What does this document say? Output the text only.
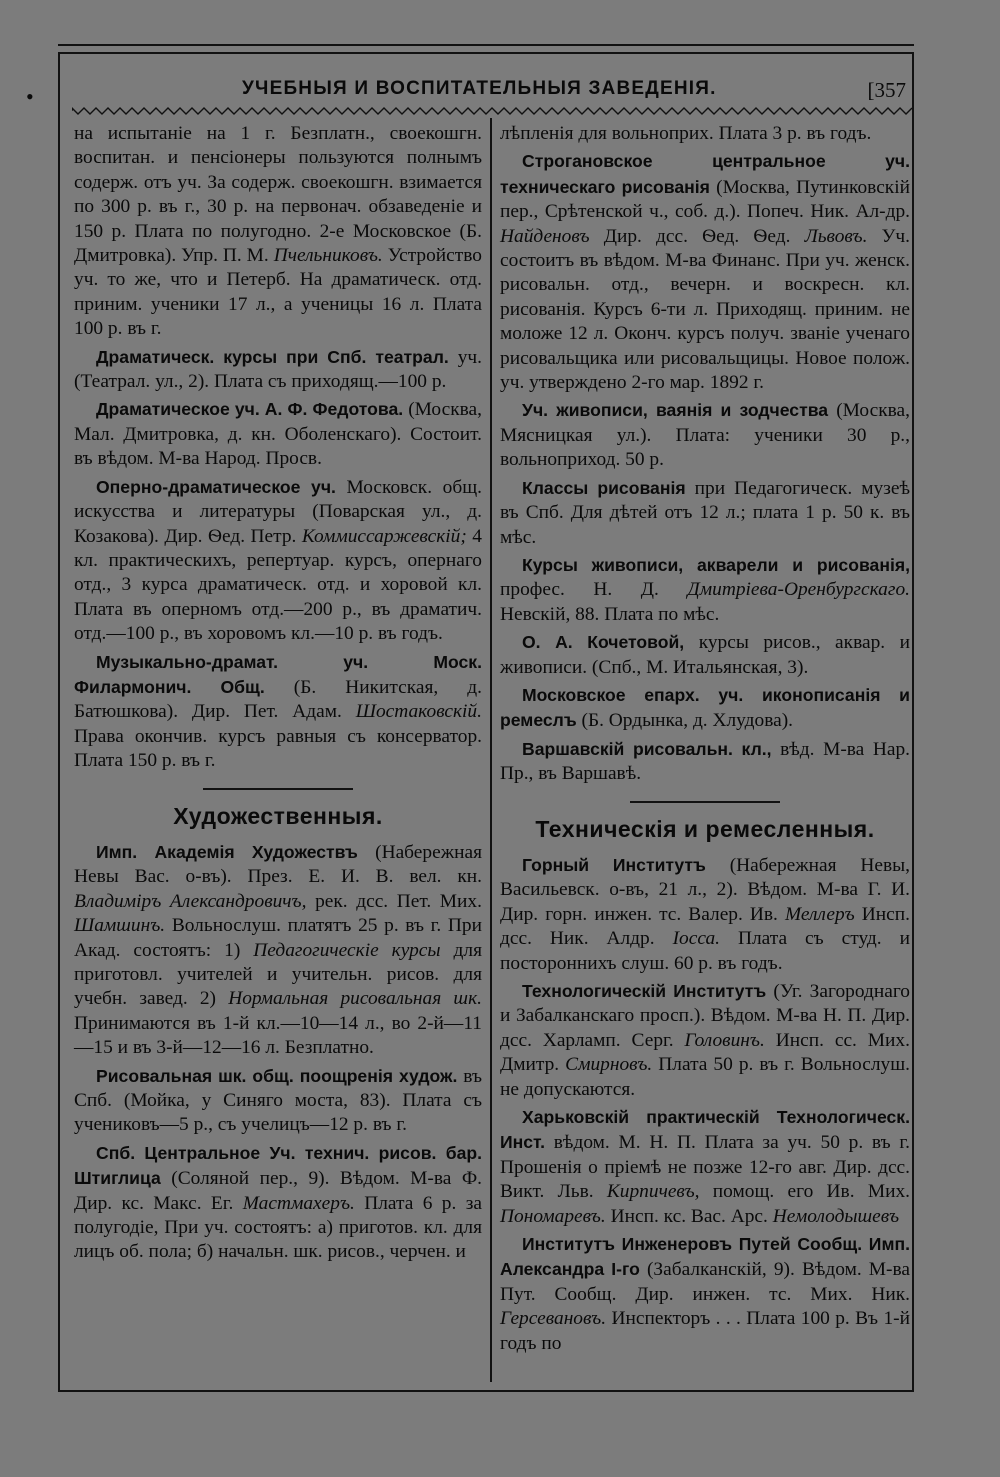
•	УЧЕБНЫЯ И ВОСПИТАТЕЛЬНЫЯ ЗАВЕДЕНІЯ.	[357

на испытаніе на 1 г. Безплатн., своекошгн. воспитан. и пенсіонеры пользуются полнымъ содерж. отъ уч. За содерж. своекошгн. взимается по 300 р. въ г., 30 р. на первонач. обзаведеніе и 150 р. Плата по полугодно. 2-е Московское (Б. Дмитровка). Упр. П. М. Пчельниковъ. Устройство уч. то же, что и Петерб. На драматическ. отд. приним. ученики 17 л., а ученицы 16 л. Плата 100 р. въ г.

Драматическ. курсы при Спб. театрал. уч. (Театрал. ул., 2). Плата съ приходящ.—100 р.

Драматическое уч. А. Ф. Федотова. (Москва, Мал. Дмитровка, д. кн. Оболенскаго). Состоит. въ вѣдом. М-ва Народ. Просв.

Оперно-драматическое уч. Московск. общ. искусства и литературы (Поварская ул., д. Козакова). Дир. Ѳед. Петр. Коммиссаржевскій; 4 кл. практическихъ, репертуар. курсъ, опернаго отд., 3 курса драматическ. отд. и хоровой кл. Плата въ оперномъ отд.—200 р., въ драматич. отд.—100 р., въ хоровомъ кл.—10 р. въ годъ.

Музыкально-драмат. уч. Моск. Филармонич. Общ. (Б. Никитская, д. Батюшкова). Дир. Пет. Адам. Шостаковскій. Права окончив. курсъ равныя съ консерватор. Плата 150 р. въ г.

Художественныя.

Имп. Академія Художествъ (Набережная Невы Вас. о-въ). През. Е. И. В. вел. кн. Владиміръ Александровичъ, рек. дсс. Пет. Мих. Шамшинъ. Вольнослуш. платятъ 25 р. въ г. При Акад. состоятъ: 1) Педагогическіе курсы для приготовл. учителей и учительн. рисов. для учебн. завед. 2) Нормальная рисовальная шк. Принимаются въ 1-й кл.—10—14 л., во 2-й—11—15 и въ 3-й—12—16 л. Безплатно.

Рисовальная шк. общ. поощренія худож. въ Спб. (Мойка, у Синяго моста, 83). Плата съ учениковъ—5 р., съ учелицъ—12 р. въ г.

Спб. Центральное Уч. технич. рисов. бар. Штиглица (Соляной пер., 9). Вѣдом. М-ва Ф. Дир. кс. Макс. Ег. Мастмахеръ. Плата 6 р. за полугодіе, При уч. состоятъ: а) приготов. кл. для лицъ об. пола; б) начальн. шк. рисов., черчен. и

лѣпленія для вольноприх. Плата 3 р. въ годъ.

Строгановское центральное уч. техническаго рисованія (Москва, Путинковскій пер., Срѣтенской ч., соб. д.). Попеч. Ник. Ал-др. Найденовъ Дир. дсс. Ѳед. Ѳед. Львовъ. Уч. состоитъ въ вѣдом. М-ва Финанс. При уч. женск. рисовальн. отд., вечерн. и воскресн. кл. рисованія. Курсъ 6-ти л. Приходящ. приним. не моложе 12 л. Оконч. курсъ получ. званіе ученаго рисовальщика или рисовальщицы. Новое полож. уч. утверждено 2-го мар. 1892 г.

Уч. живописи, ваянія и зодчества (Москва, Мясницкая ул.). Плата: ученики 30 р., вольноприход. 50 р.

Классы рисованія при Педагогическ. музеѣ въ Спб. Для дѣтей отъ 12 л.; плата 1 р. 50 к. въ мѣс.

Курсы живописи, акварели и рисованія, профес. Н. Д. Дмитріева-Оренбургскаго. Невскій, 88. Плата по мѣс.

О. А. Кочетовой, курсы рисов., аквар. и живописи. (Спб., М. Итальянская, 3).

Московское епарх. уч. иконописанія и ремеслъ (Б. Ордынка, д. Хлудова).

Варшавскій рисовальн. кл., вѣд. М-ва Нар. Пр., въ Варшавѣ.

Техническія и ремесленныя.

Горный Институтъ (Набережная Невы, Васильевск. о-въ, 21 л., 2). Вѣдом. М-ва Г. И. Дир. горн. инжен. тс. Валер. Ив. Меллеръ Инсп. дсс. Ник. Алдр. Іосса. Плата съ студ. и постороннихъ слуш. 60 р. въ годъ.

Технологическій Институтъ (Уг. Загороднаго и Забалканскаго просп.). Вѣдом. М-ва Н. П. Дир. дсс. Харламп. Серг. Головинъ. Инсп. сс. Мих. Дмитр. Смирновъ. Плата 50 р. въ г. Вольнослуш. не допускаются.

Харьковскій практическій Технологическ. Инст. вѣдом. М. Н. П. Плата за уч. 50 р. въ г. Прошенія о пріемѣ не позже 12-го авг. Дир. дсс. Викт. Льв. Кирпичевъ, помощ. его Ив. Мих. Пономаревъ. Инсп. кс. Вас. Арс. Немолодышевъ

Институтъ Инженеровъ Путей Сообщ. Имп. Александра І-го (Забалканскій, 9). Вѣдом. М-ва Пут. Сообщ. Дир. инжен. тс. Мих. Ник. Герсевановъ. Инспекторъ . . . Плата 100 р. Въ 1-й годъ по
